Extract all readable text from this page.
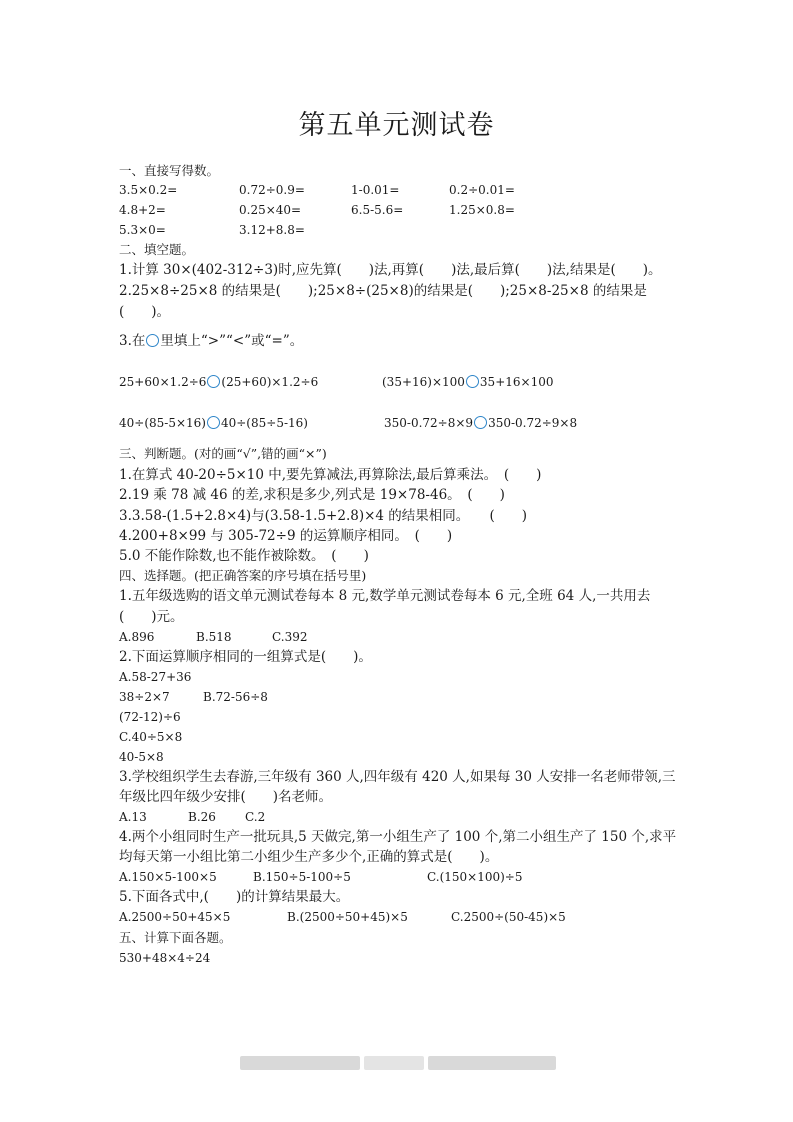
第五单元测试卷
一、直接写得数。
3.5×0.2=	0.72÷0.9=	1-0.01=	0.2÷0.01=
4.8+2=	0.25×40=	6.5-5.6=	1.25×0.8=
5.3×0=	3.12+8.8=
二、填空题。
1.计算 30×(402-312÷3)时,应先算(　　)法,再算(　　)法,最后算(　　)法,结果是(　　)。
2.25×8÷25×8 的结果是(　　);25×8÷(25×8)的结果是(　　);25×8-25×8 的结果是
(　　)。
3.在 里填上“>”“<”或“=”。
25+60×1.2÷6 (25+60)×1.2÷6	(35+16)×100 35+16×100
40÷(85-5×16) 40÷(85÷5-16)	350-0.72÷8×9 350-0.72÷9×8
三、判断题。(对的画“√”,错的画“×”)
1.在算式 40-20÷5×10 中,要先算减法,再算除法,最后算乘法。　(　　)
2.19 乘 78 减 46 的差,求积是多少,列式是 19×78-46。　(　　)
3.3.58-(1.5+2.8×4)与(3.58-1.5+2.8)×4 的结果相同。　　(　　)
4.200+8×99 与 305-72÷9 的运算顺序相同。　(　　)
5.0 不能作除数,也不能作被除数。　(　　)
四、选择题。(把正确答案的序号填在括号里)
1.五年级选购的语文单元测试卷每本 8 元,数学单元测试卷每本 6 元,全班 64 人,一共用去
(　　)元。
A.896	B.518	C.392
2.下面运算顺序相同的一组算式是(　　)。
A.58-27+36
38÷2×7	B.72-56÷8
(72-12)÷6
C.40÷5×8
40-5×8
3.学校组织学生去春游,三年级有 360 人,四年级有 420 人,如果每 30 人安排一名老师带领,三
年级比四年级少安排(　　)名老师。
A.13	B.26 C.2
4.两个小组同时生产一批玩具,5 天做完,第一小组生产了 100 个,第二小组生产了 150 个,求平
均每天第一小组比第二小组少生产多少个,正确的算式是(　　)。
A.150×5-100×5	B.150÷5-100÷5	C.(150×100)÷5
5.下面各式中,(　　)的计算结果最大。
A.2500÷50+45×5	B.(2500÷50+45)×5	C.2500÷(50-45)×5
五、计算下面各题。
530+48×4÷24
